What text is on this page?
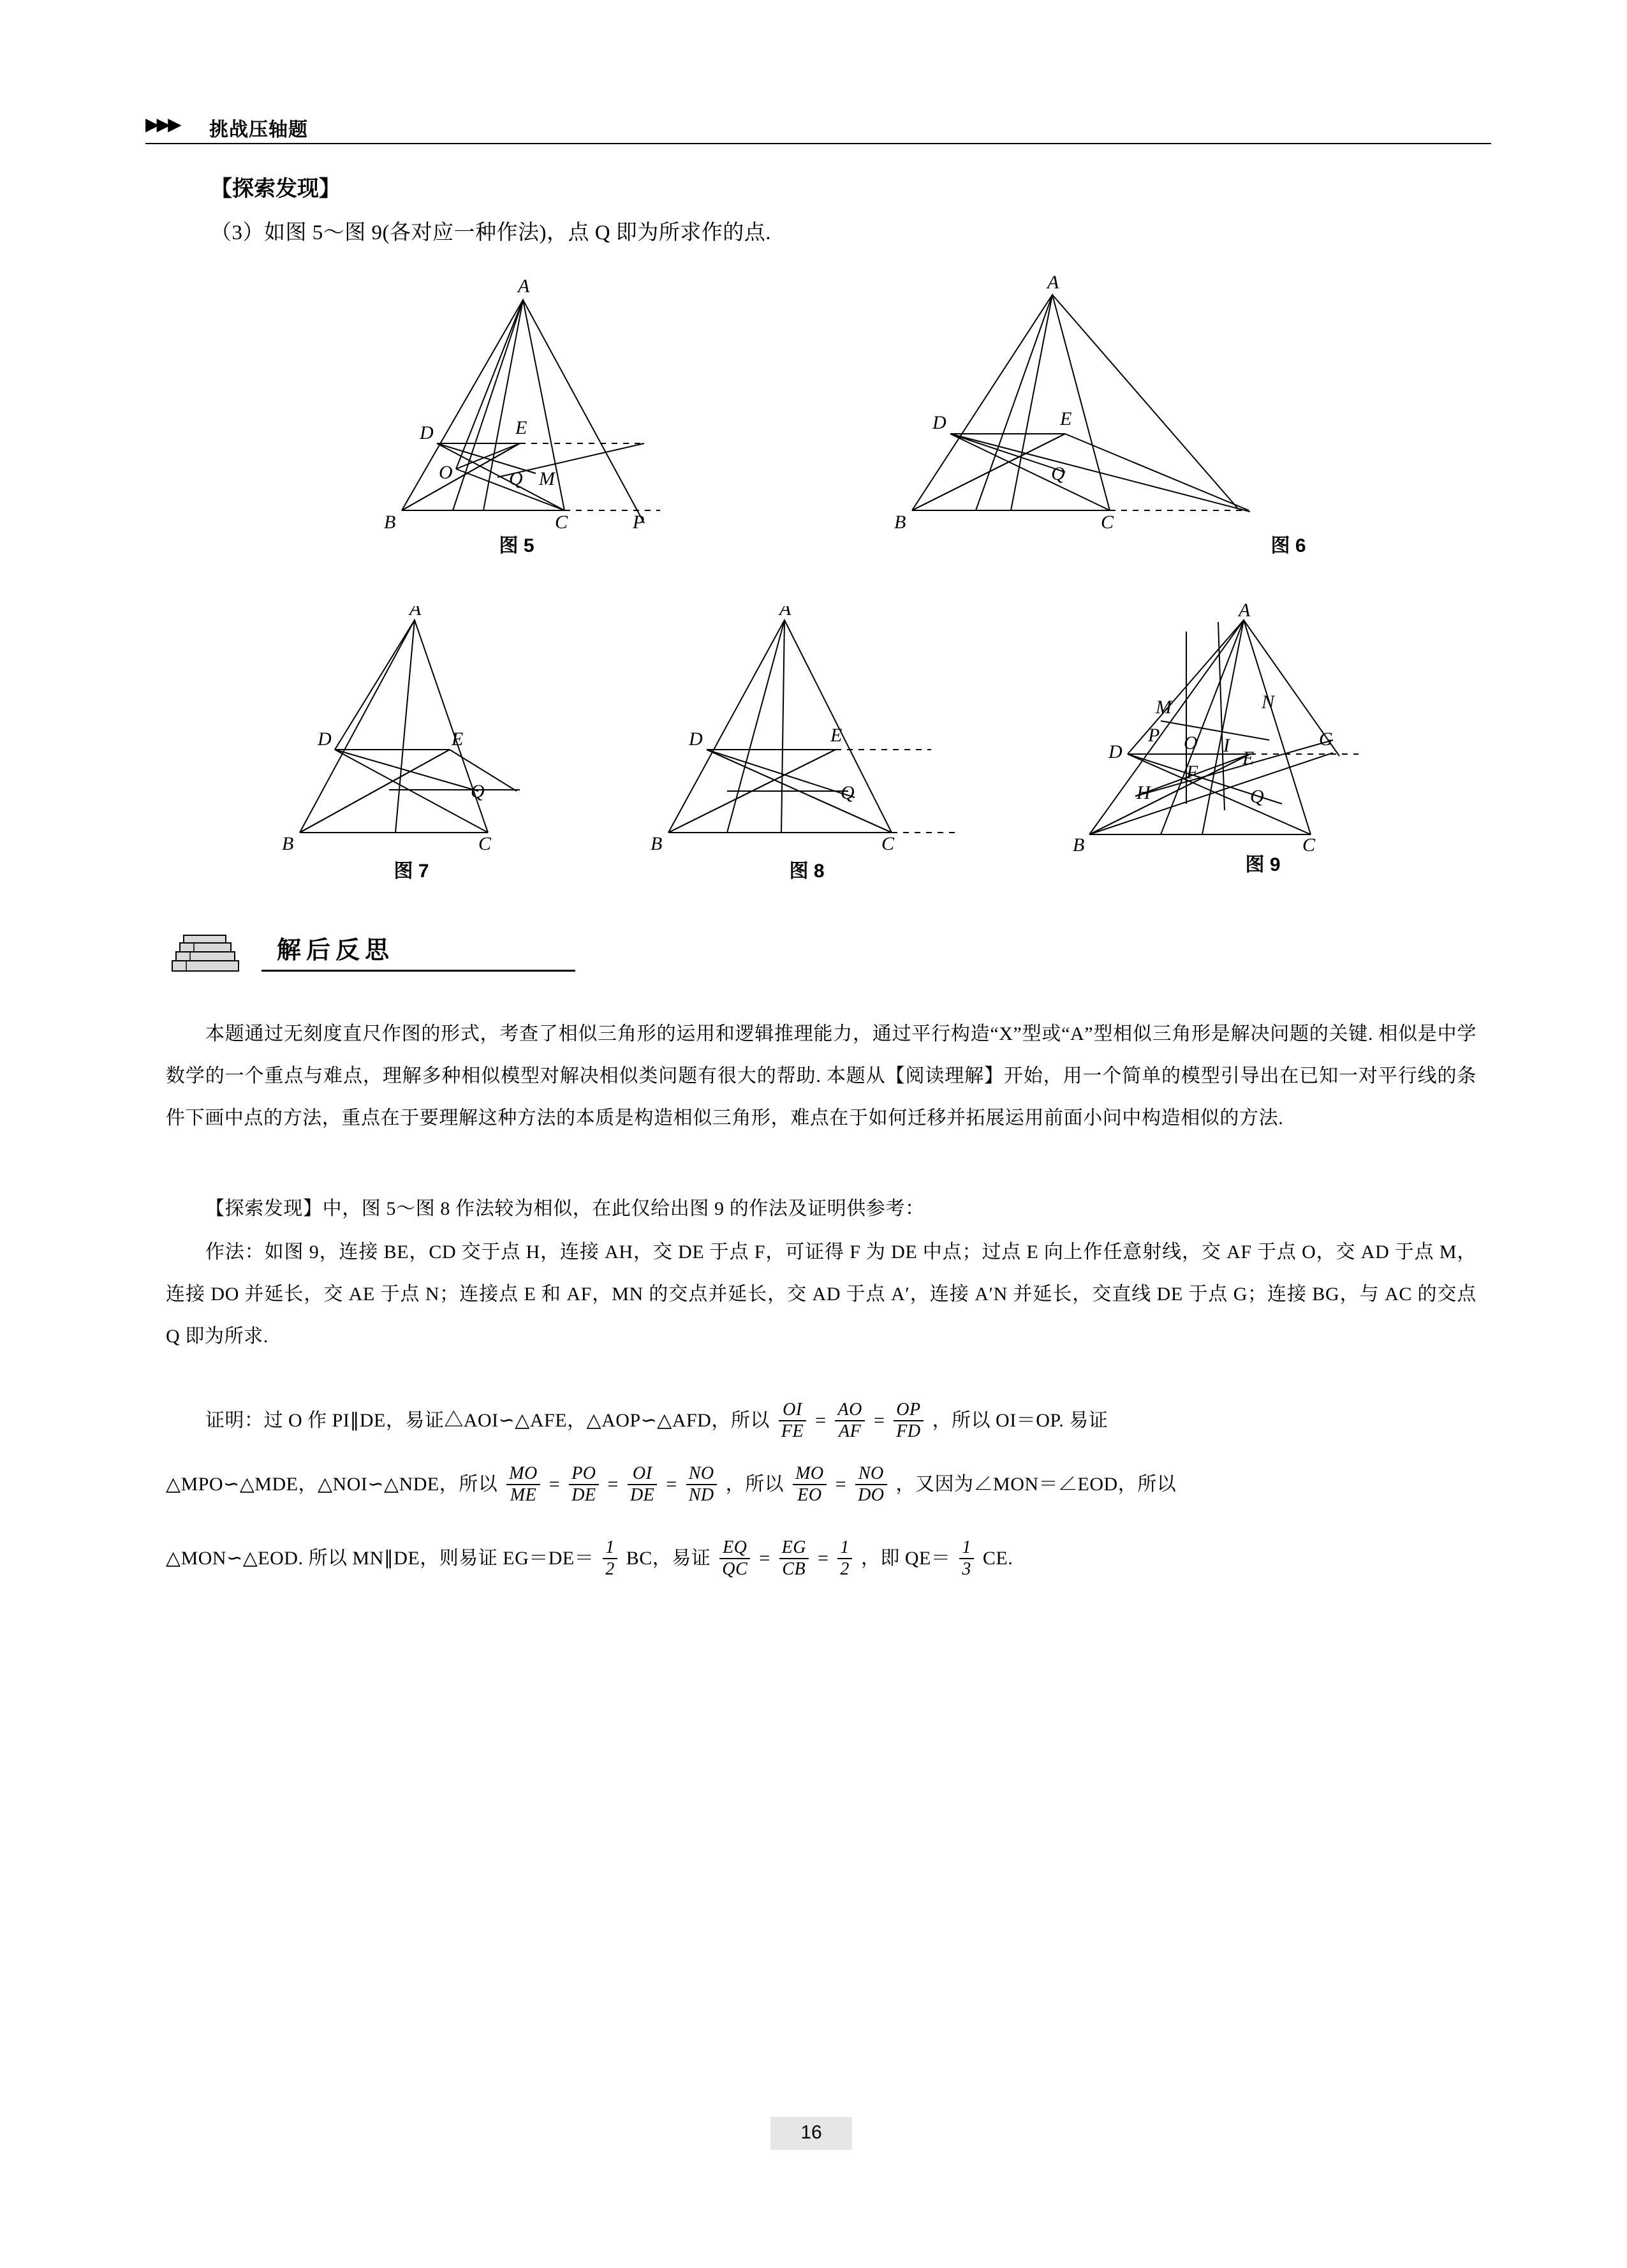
▶▶▶ 挑战压轴题
【探索发现】
（3）如图 5～图 9(各对应一种作法)，点 Q 即为所求作的点.
A
D	E
O	Q M
B	C	P
图 5
A
D	E
Q
B	C
图 6
A
D	E
Q
B	C
图 7
A
D	E
Q
B	C
图 8
M
A
N
P O I	G
D	E
F
H	Q
B	C
图 9
解后反思
本题通过无刻度直尺作图的形式，考查了相似三角形的运用和逻辑推理能力，通过平行构造“X”型或“A”型相似三角形是解决问题的关键. 相似是中学数学的一个重点与难点，理解多种相似模型对解决相似类问题有很大的帮助. 本题从【阅读理解】开始，用一个简单的模型引导出在已知一对平行线的条件下画中点的方法，重点在于要理解这种方法的本质是构造相似三角形，难点在于如何迁移并拓展运用前面小问中构造相似的方法.
【探索发现】中，图 5～图 8 作法较为相似，在此仅给出图 9 的作法及证明供参考：
作法：如图 9，连接 BE，CD 交于点 H，连接 AH，交 DE 于点 F，可证得 F 为 DE 中点；过点 E 向上作任意射线，交 AF 于点 O，交 AD 于点 M，连接 DO 并延长，交 AE 于点 N；连接点 E 和 AF，MN 的交点并延长，交 AD 于点 A′，连接 A′N 并延长，交直线 DE 于点 G；连接 BG，与 AC 的交点 Q 即为所求.
证明：过 O 作 PI∥DE，易证△AOI∽△AFE，△AOP∽△AFD，所以 $\frac{OI}{FE} = \frac{AO}{AF} = \frac{OP}{FD}$ ，所以 OI＝OP. 易证
△MPO∽△MDE，△NOI∽△NDE，所以 $\frac{MO}{ME} = \frac{PO}{DE} = \frac{OI}{DE} = \frac{NO}{ND}$ ，所以 $\frac{MO}{EO} = \frac{NO}{DO}$ ，又因为∠MON＝∠EOD，所以
△MON∽△EOD. 所以 MN∥DE，则易证 $EG=DE= \frac{1}{2}$ BC，易证 $\frac{EQ}{QC} = \frac{EG}{CB} = \frac{1}{2}$ ，即 $QE= \frac{1}{3}$ CE.
16
